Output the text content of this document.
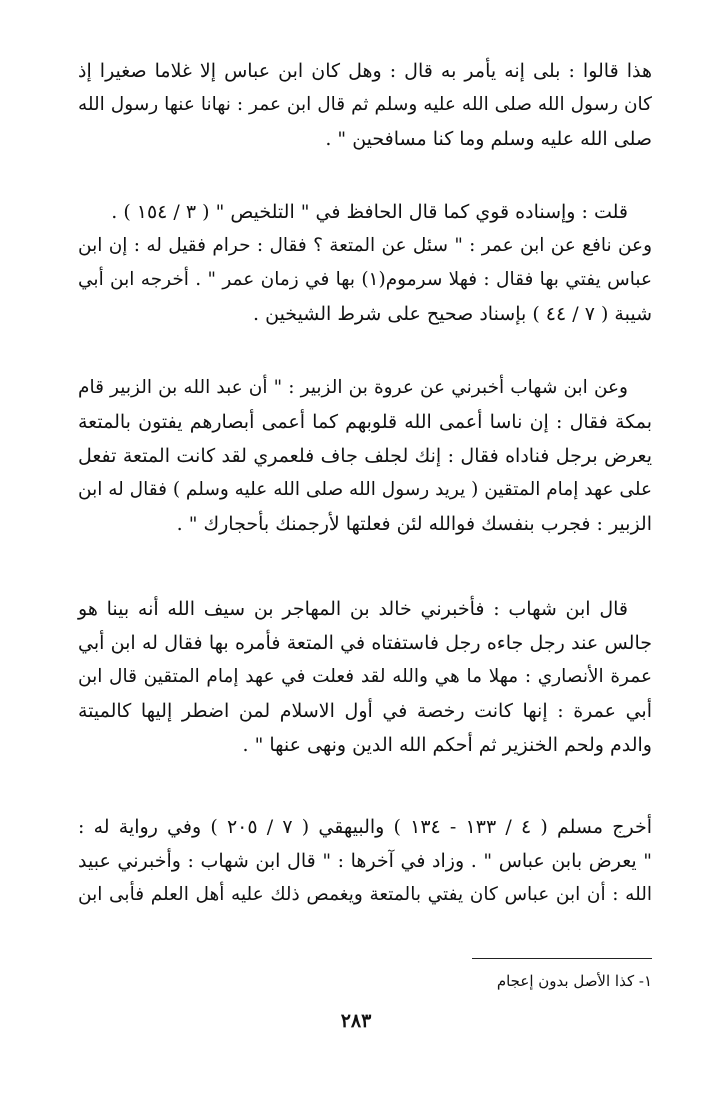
هذا قالوا : بلى إنه يأمر به قال : وهل كان ابن عباس إلا غلاما صغيرا إذ
كان رسول الله صلى الله عليه وسلم ثم قال ابن عمر : نهانا عنها رسول الله
صلى الله عليه وسلم وما كنا مسافحين " .
قلت : وإسناده قوي كما قال الحافظ في " التلخيص " ( ٣ / ١٥٤ ) .
وعن نافع عن ابن عمر : " سئل عن المتعة ؟ فقال : حرام فقيل له : إن ابن
عباس يفتي بها فقال : فهلا سرموم(١) بها في زمان عمر " . أخرجه ابن أبي
شيبة ( ٧ / ٤٤ ) بإسناد صحيح على شرط الشيخين .
وعن ابن شهاب أخبرني عن عروة بن الزبير : " أن عبد الله بن الزبير قام
بمكة فقال : إن ناسا أعمى الله قلوبهم كما أعمى أبصارهم يفتون بالمتعة
يعرض برجل فناداه فقال : إنك لجلف جاف فلعمري لقد كانت المتعة تفعل
على عهد إمام المتقين ( يريد رسول الله صلى الله عليه وسلم ) فقال له ابن
الزبير : فجرب بنفسك فوالله لئن فعلتها لأرجمنك بأحجارك " .
قال ابن شهاب : فأخبرني خالد بن المهاجر بن سيف الله أنه بينا هو
جالس عند رجل جاءه رجل فاستفتاه في المتعة فأمره بها فقال له ابن أبي
عمرة الأنصاري : مهلا ما هي والله لقد فعلت في عهد إمام المتقين قال ابن
أبي عمرة : إنها كانت رخصة في أول الاسلام لمن اضطر إليها كالميتة
والدم ولحم الخنزير ثم أحكم الله الدين ونهى عنها " .
أخرج مسلم ( ٤ / ١٣٣ - ١٣٤ ) والبيهقي ( ٧ / ٢٠٥ ) وفي رواية له :
" يعرض بابن عباس " . وزاد في آخرها : " قال ابن شهاب : وأخبرني عبيد
الله : أن ابن عباس كان يفتي بالمتعة ويغمص ذلك عليه أهل العلم فأبى ابن
١- كذا الأصل بدون إعجام
٢٨٣
